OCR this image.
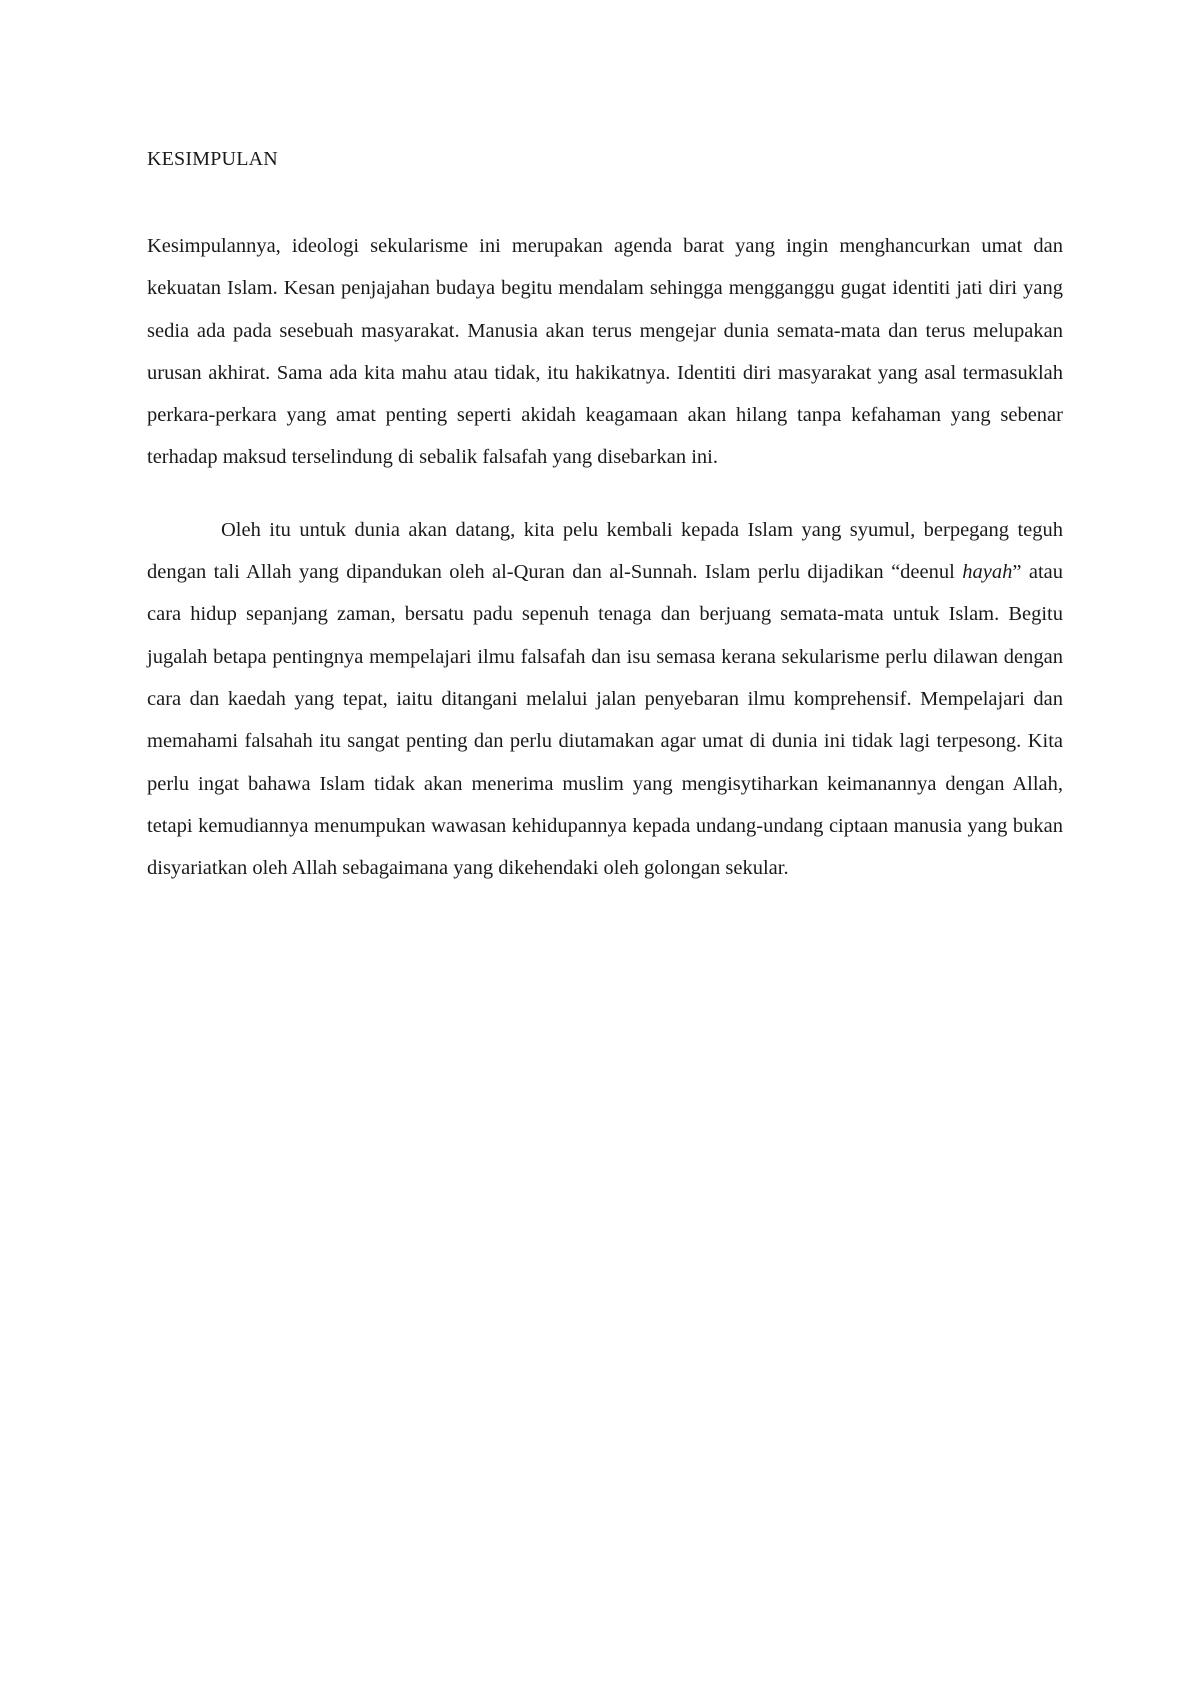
KESIMPULAN

Kesimpulannya, ideologi sekularisme ini merupakan agenda barat yang ingin menghancurkan umat dan kekuatan Islam. Kesan penjajahan budaya begitu mendalam sehingga mengganggu gugat identiti jati diri yang sedia ada pada sesebuah masyarakat. Manusia akan terus mengejar dunia semata-mata dan terus melupakan urusan akhirat. Sama ada kita mahu atau tidak, itu hakikatnya. Identiti diri masyarakat yang asal termasuklah perkara-perkara yang amat penting seperti akidah keagamaan akan hilang tanpa kefahaman yang sebenar terhadap maksud terselindung di sebalik falsafah yang disebarkan ini.

Oleh itu untuk dunia akan datang, kita pelu kembali kepada Islam yang syumul, berpegang teguh dengan tali Allah yang dipandukan oleh al-Quran dan al-Sunnah. Islam perlu dijadikan “deenul hayah” atau cara hidup sepanjang zaman, bersatu padu sepenuh tenaga dan berjuang semata-mata untuk Islam. Begitu jugalah betapa pentingnya mempelajari ilmu falsafah dan isu semasa kerana sekularisme perlu dilawan dengan cara dan kaedah yang tepat, iaitu ditangani melalui jalan penyebaran ilmu komprehensif. Mempelajari dan memahami falsahah itu sangat penting dan perlu diutamakan agar umat di dunia ini tidak lagi terpesong. Kita perlu ingat bahawa Islam tidak akan menerima muslim yang mengisytiharkan keimanannya dengan Allah, tetapi kemudiannya menumpukan wawasan kehidupannya kepada undang-undang ciptaan manusia yang bukan disyariatkan oleh Allah sebagaimana yang dikehendaki oleh golongan sekular.
